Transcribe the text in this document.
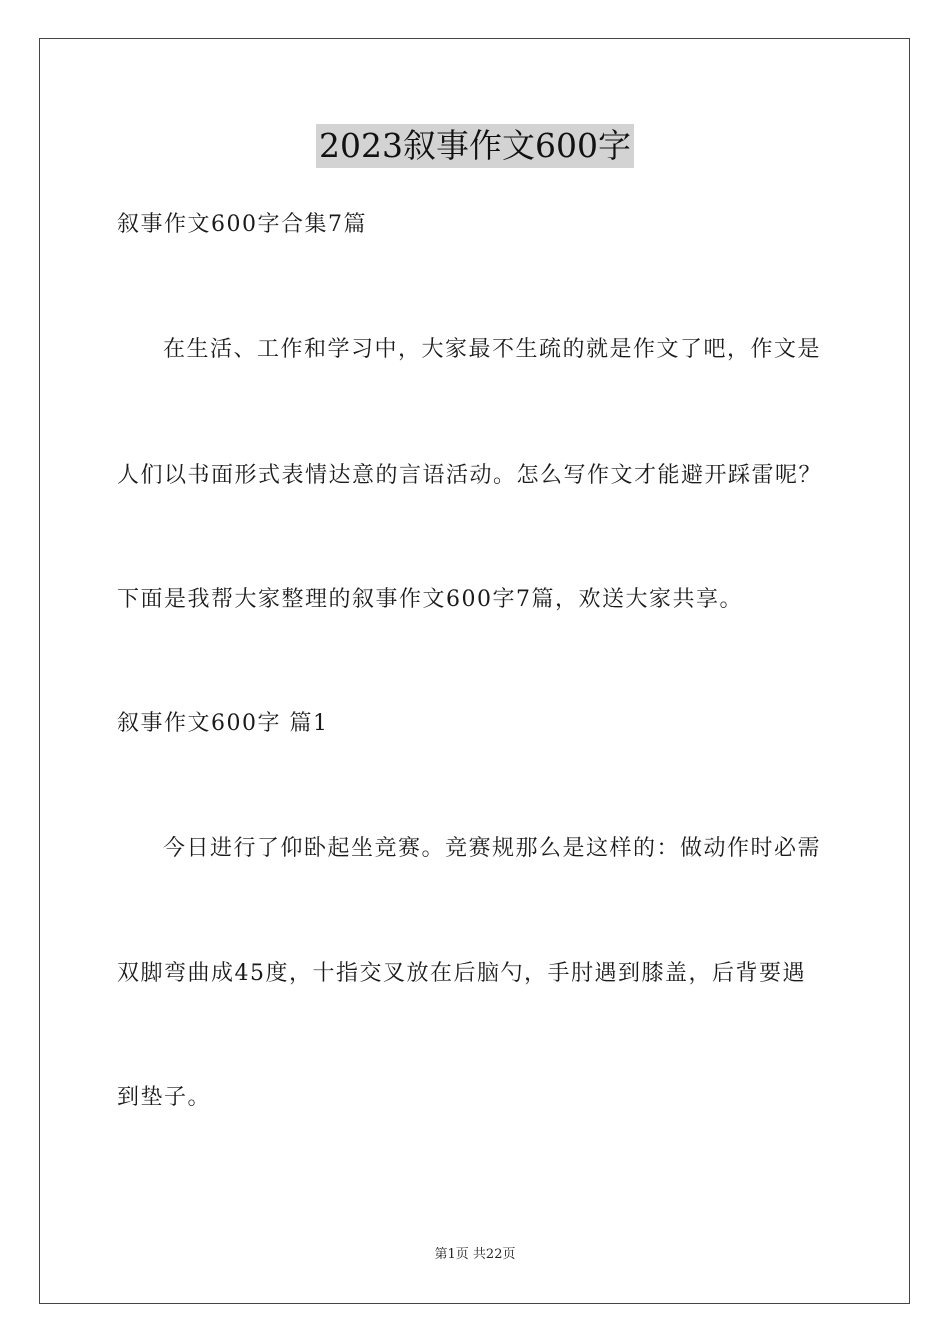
2023叙事作文600字
叙事作文600字合集7篇
在生活、工作和学习中，大家最不生疏的就是作文了吧，作文是
人们以书面形式表情达意的言语活动。怎么写作文才能避开踩雷呢？
下面是我帮大家整理的叙事作文600字7篇，欢送大家共享。
叙事作文600字 篇1
今日进行了仰卧起坐竞赛。竞赛规那么是这样的：做动作时必需
双脚弯曲成45度，十指交叉放在后脑勺，手肘遇到膝盖，后背要遇
到垫子。
第1页 共22页
